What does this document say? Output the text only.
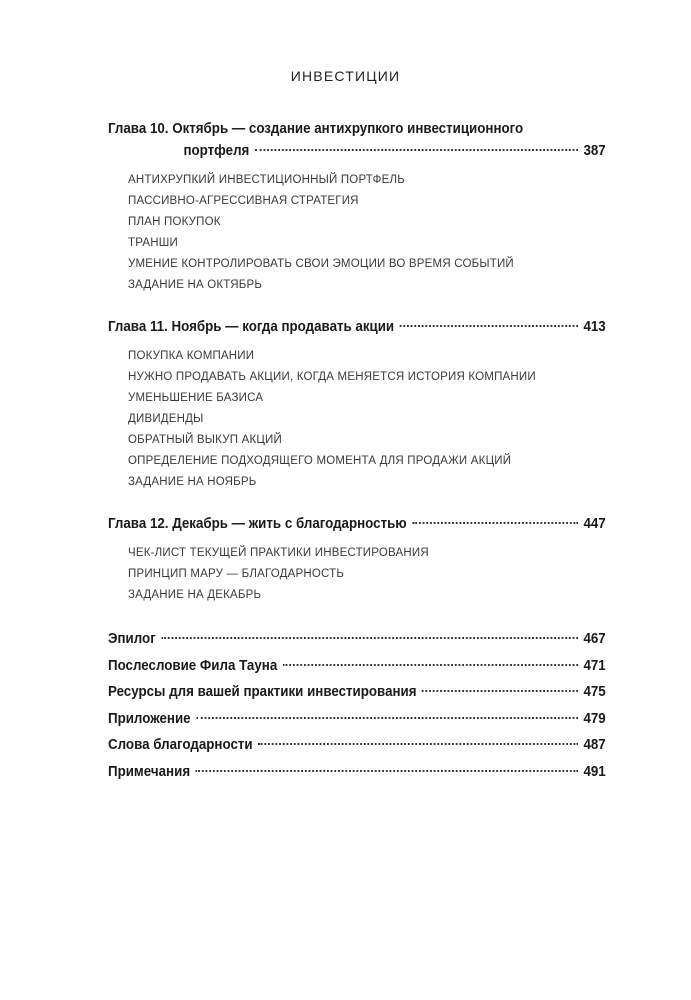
ИНВЕСТИЦИИ
Глава 10. Октябрь — создание антихрупкого инвестиционного
портфеля	387
АНТИХРУПКИЙ ИНВЕСТИЦИОННЫЙ ПОРТФЕЛЬ
ПАССИВНО-АГРЕССИВНАЯ СТРАТЕГИЯ
ПЛАН ПОКУПОК
ТРАНШИ
УМЕНИЕ КОНТРОЛИРОВАТЬ СВОИ ЭМОЦИИ ВО ВРЕМЯ СОБЫТИЙ
ЗАДАНИЕ НА ОКТЯБРЬ
Глава 11. Ноябрь — когда продавать акции	413
ПОКУПКА КОМПАНИИ
НУЖНО ПРОДАВАТЬ АКЦИИ, КОГДА МЕНЯЕТСЯ ИСТОРИЯ КОМПАНИИ
УМЕНЬШЕНИЕ БАЗИСА
ДИВИДЕНДЫ
ОБРАТНЫЙ ВЫКУП АКЦИЙ
ОПРЕДЕЛЕНИЕ ПОДХОДЯЩЕГО МОМЕНТА ДЛЯ ПРОДАЖИ АКЦИЙ
ЗАДАНИЕ НА НОЯБРЬ
Глава 12. Декабрь — жить с благодарностью	447
ЧЕК-ЛИСТ ТЕКУЩЕЙ ПРАКТИКИ ИНВЕСТИРОВАНИЯ
ПРИНЦИП МАРУ — БЛАГОДАРНОСТЬ
ЗАДАНИЕ НА ДЕКАБРЬ
Эпилог	467
Послесловие Фила Тауна	471
Ресурсы для вашей практики инвестирования	475
Приложение	479
Слова благодарности	487
Примечания	491
